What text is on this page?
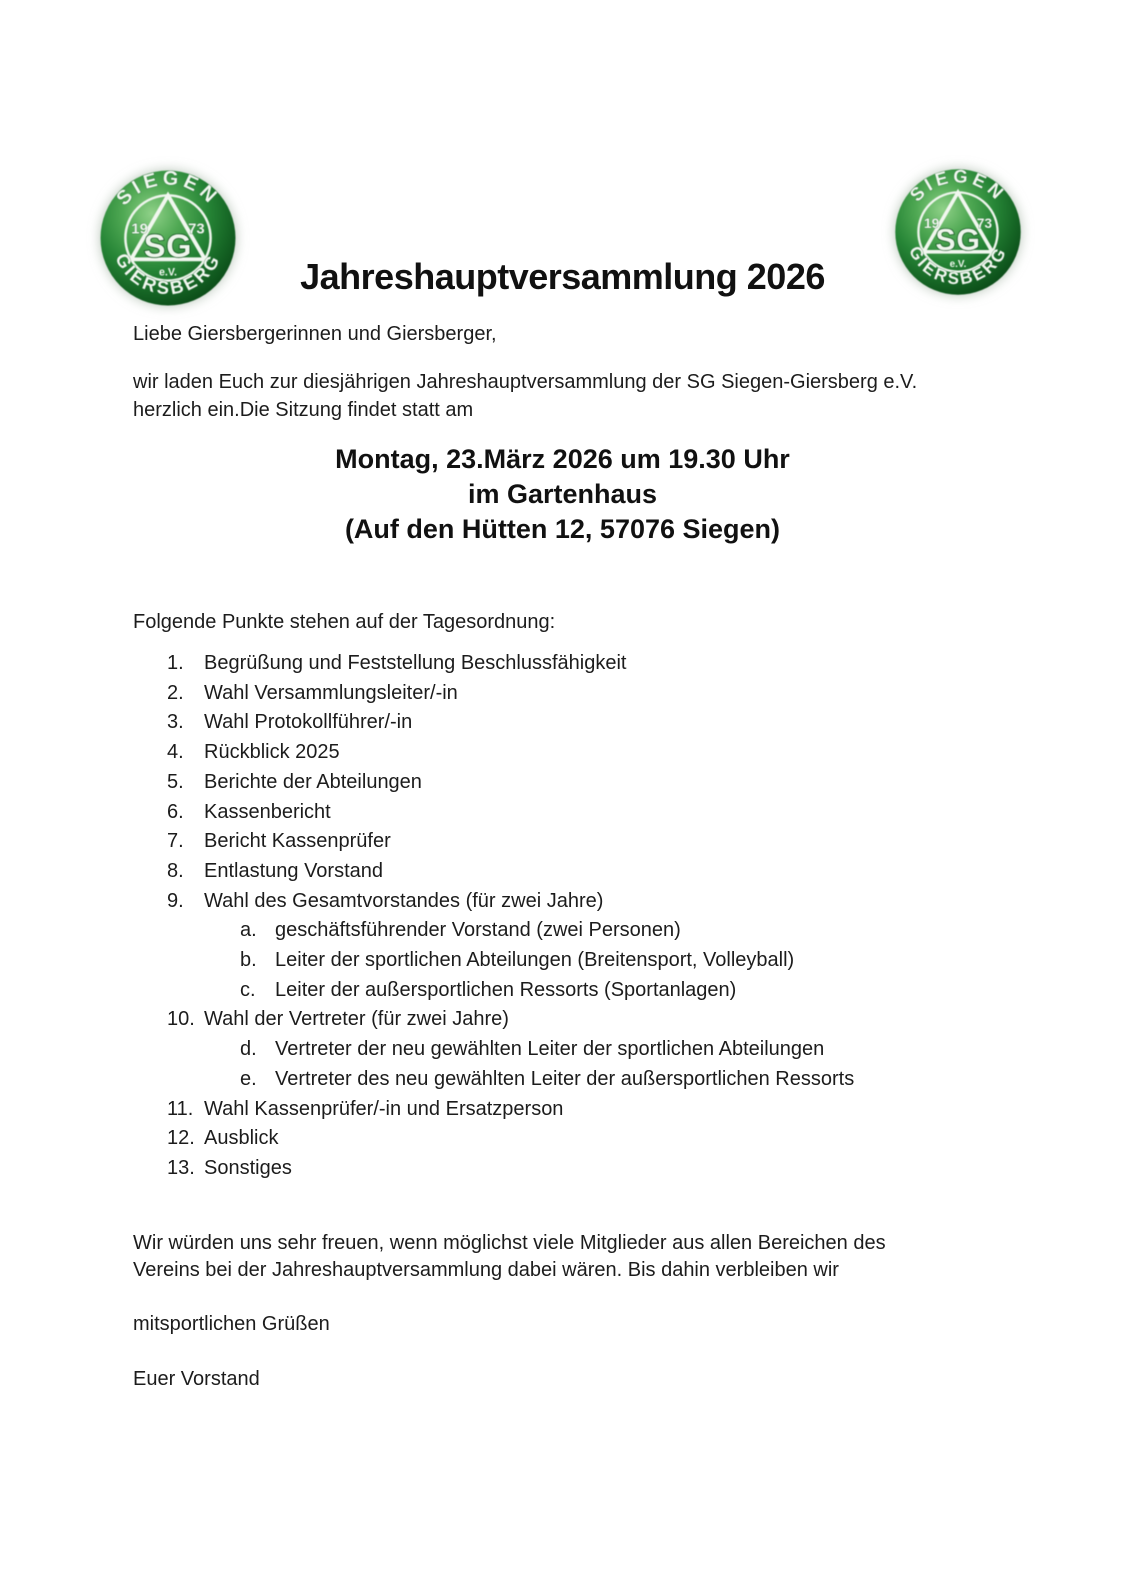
SIEGEN
GIERSBERG
SG
19 73
e.V.
SIEGEN
GIERSBERG
SG
19 73
e.V.
Jahreshauptversammlung 2026
Liebe Giersbergerinnen und Giersberger,
wir laden Euch zur diesjährigen Jahreshauptversammlung der SG Siegen-Giersberg e.V.
herzlich ein.Die Sitzung findet statt am
Montag, 23.März 2026 um 19.30 Uhr
im Gartenhaus
(Auf den Hütten 12, 57076 Siegen)
Folgende Punkte stehen auf der Tagesordnung:
1.	Begrüßung und Feststellung Beschlussfähigkeit
2.	Wahl Versammlungsleiter/-in
3.	Wahl Protokollführer/-in
4.	Rückblick 2025
5.	Berichte der Abteilungen
6.	Kassenbericht
7.	Bericht Kassenprüfer
8.	Entlastung Vorstand
9.	Wahl des Gesamtvorstandes (für zwei Jahre)
a. geschäftsführender Vorstand (zwei Personen)
b. Leiter der sportlichen Abteilungen (Breitensport, Volleyball)
c. Leiter der außersportlichen Ressorts (Sportanlagen)
10. Wahl der Vertreter (für zwei Jahre)
d. Vertreter der neu gewählten Leiter der sportlichen Abteilungen
e. Vertreter des neu gewählten Leiter der außersportlichen Ressorts
11. Wahl Kassenprüfer/-in und Ersatzperson
12. Ausblick
13. Sonstiges
Wir würden uns sehr freuen, wenn möglichst viele Mitglieder aus allen Bereichen des
Vereins bei der Jahreshauptversammlung dabei wären. Bis dahin verbleiben wir
mitsportlichen Grüßen
Euer Vorstand
